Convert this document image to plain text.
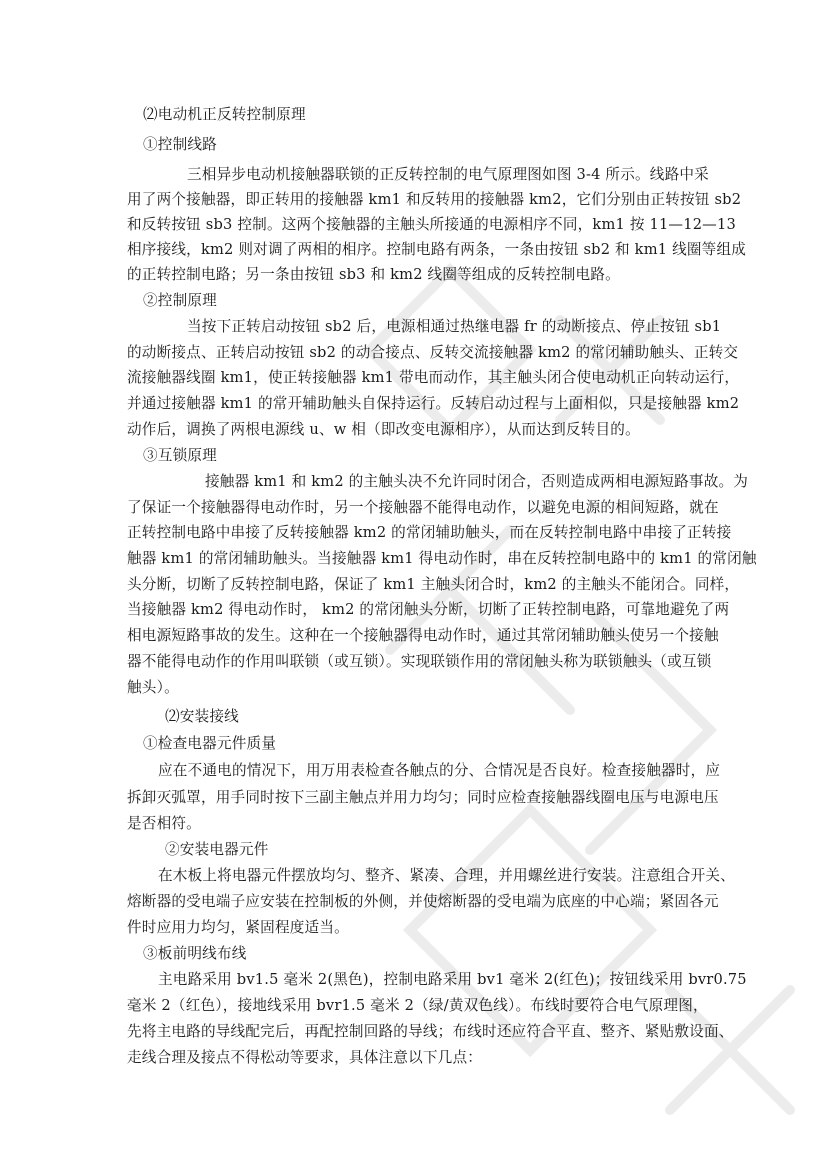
⑵电动机正反转控制原理
①控制线路
三相异步电动机接触器联锁的正反转控制的电气原理图如图 3-4 所示。线路中采
用了两个接触器，即正转用的接触器 km1 和反转用的接触器 km2，它们分别由正转按钮 sb2
和反转按钮 sb3 控制。这两个接触器的主触头所接通的电源相序不同，km1 按 11—12—13
相序接线，km2 则对调了两相的相序。控制电路有两条，一条由按钮 sb2 和 km1 线圈等组成
的正转控制电路；另一条由按钮 sb3 和 km2 线圈等组成的反转控制电路。
②控制原理
当按下正转启动按钮 sb2 后，电源相通过热继电器 fr 的动断接点、停止按钮 sb1
的动断接点、正转启动按钮 sb2 的动合接点、反转交流接触器 km2 的常闭辅助触头、正转交
流接触器线圈 km1，使正转接触器 km1 带电而动作，其主触头闭合使电动机正向转动运行，
并通过接触器 km1 的常开辅助触头自保持运行。反转启动过程与上面相似，只是接触器 km2
动作后，调换了两根电源线 u、w 相（即改变电源相序），从而达到反转目的。
③互锁原理
接触器 km1 和 km2 的主触头决不允许同时闭合，否则造成两相电源短路事故。为
了保证一个接触器得电动作时，另一个接触器不能得电动作，以避免电源的相间短路，就在
正转控制电路中串接了反转接触器 km2 的常闭辅助触头，而在反转控制电路中串接了正转接
触器 km1 的常闭辅助触头。当接触器 km1 得电动作时，串在反转控制电路中的 km1 的常闭触
头分断，切断了反转控制电路，保证了 km1 主触头闭合时，km2 的主触头不能闭合。同样，
当接触器 km2 得电动作时， km2 的常闭触头分断，切断了正转控制电路，可靠地避免了两
相电源短路事故的发生。这种在一个接触器得电动作时，通过其常闭辅助触头使另一个接触
器不能得电动作的作用叫联锁（或互锁）。实现联锁作用的常闭触头称为联锁触头（或互锁
触头）。
⑵安装接线
①检查电器元件质量
应在不通电的情况下，用万用表检查各触点的分、合情况是否良好。检查接触器时，应
拆卸灭弧罩，用手同时按下三副主触点并用力均匀；同时应检查接触器线圈电压与电源电压
是否相符。
②安装电器元件
在木板上将电器元件摆放均匀、整齐、紧凑、合理，并用螺丝进行安装。注意组合开关、
熔断器的受电端子应安装在控制板的外侧，并使熔断器的受电端为底座的中心端；紧固各元
件时应用力均匀，紧固程度适当。
③板前明线布线
主电路采用 bv1.5 毫米 2(黑色)，控制电路采用 bv1 毫米 2(红色)；按钮线采用 bvr0.75
毫米 2（红色），接地线采用 bvr1.5 毫米 2（绿/黄双色线）。布线时要符合电气原理图，
先将主电路的导线配完后，再配控制回路的导线；布线时还应符合平直、整齐、紧贴敷设面、
走线合理及接点不得松动等要求，具体注意以下几点：
